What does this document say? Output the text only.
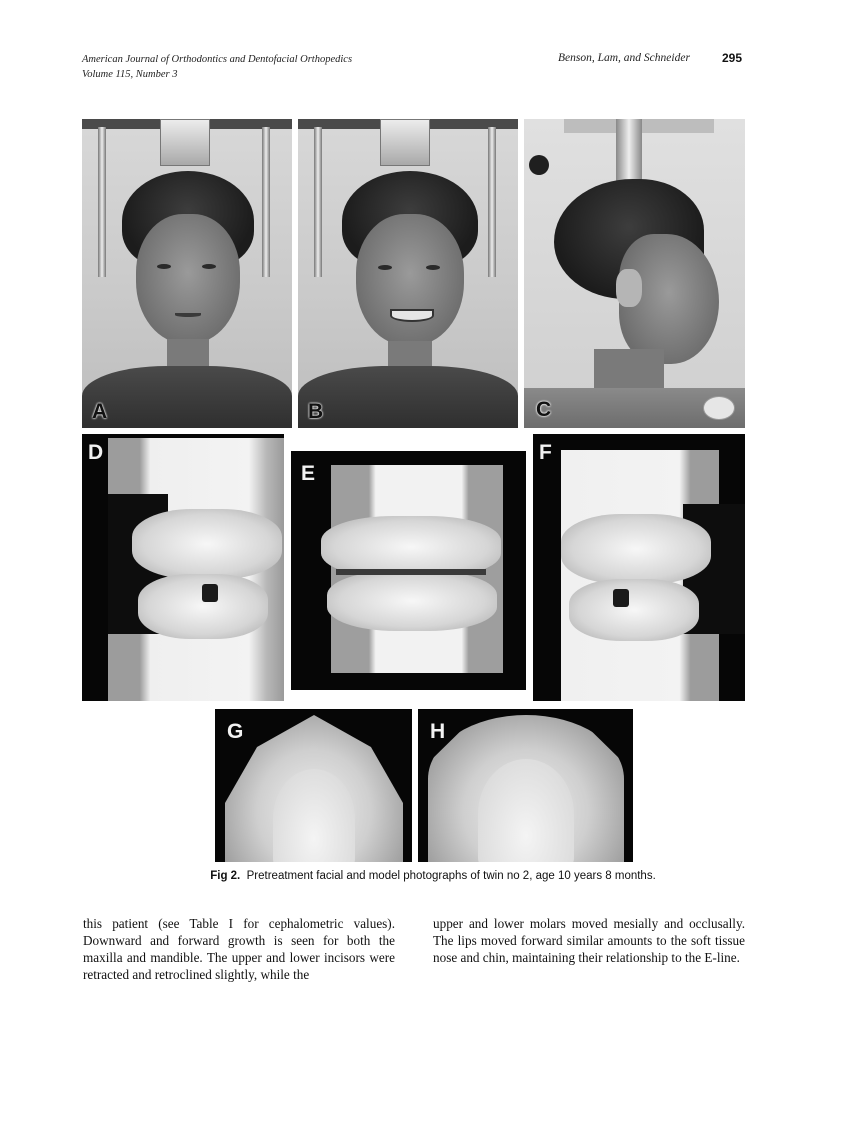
American Journal of Orthodontics and Dentofacial Orthopedics
Volume 115, Number 3
Benson, Lam, and Schneider	295
A	B	C
D
E
F
G	H
Fig 2. Pretreatment facial and model photographs of twin no 2, age 10 years 8 months.
this patient (see Table I for cephalometric values). Downward and forward growth is seen for both the maxilla and mandible. The upper and lower incisors were retracted and retroclined slightly, while the
upper and lower molars moved mesially and occlusally. The lips moved forward similar amounts to the soft tissue nose and chin, maintaining their relationship to the E-line.
